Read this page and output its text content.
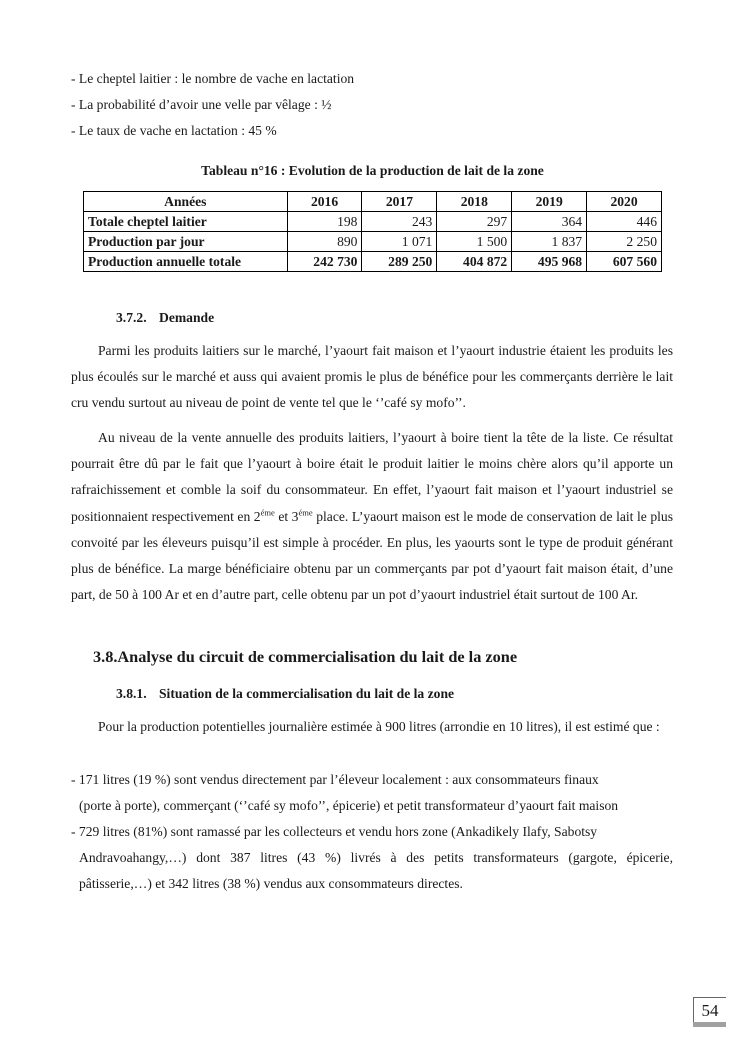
- Le cheptel laitier : le nombre de vache en lactation
- La probabilité d’avoir une velle par vêlage : ½
- Le taux de vache en lactation : 45 %
Tableau n°16 : Evolution de la production de lait de la zone
Années	2016	2017	2018	2019	2020
Totale cheptel laitier	198	243	297	364	446
Production par jour	890	1 071	1 500	1 837	2 250
Production annuelle totale	242 730	289 250	404 872	495 968	607 560
3.7.2. Demande
Parmi les produits laitiers sur le marché, l’yaourt fait maison et l’yaourt industrie étaient les produits les plus écoulés sur le marché et auss qui avaient promis le plus de bénéfice pour les commerçants derrière le lait cru vendu surtout au niveau de point de vente tel que le ‘’café sy mofo’’.
Au niveau de la vente annuelle des produits laitiers, l’yaourt à boire tient la tête de la liste. Ce résultat pourrait être dû par le fait que l’yaourt à boire était le produit laitier le moins chère alors qu’il apporte un rafraichissement et comble la soif du consommateur. En effet, l’yaourt fait maison et l’yaourt industriel se positionnaient respectivement en $2^{éme}$ et $3^{éme}$ place. L’yaourt maison est le mode de conservation de lait le plus convoité par les éleveurs puisqu’il est simple à procéder. En plus, les yaourts sont le type de produit générant plus de bénéfice. La marge bénéficiaire obtenu par un commerçants par pot d’yaourt fait maison était, d’une part, de 50 à 100 Ar et en d’autre part, celle obtenu par un pot d’yaourt industriel était surtout de 100 Ar.
3.8.Analyse du circuit de commercialisation du lait de la zone
3.8.1. Situation de la commercialisation du lait de la zone
Pour la production potentielles journalière estimée à 900 litres (arrondie en 10 litres), il est estimé que :
- 171 litres (19 %) sont vendus directement par l’éleveur localement : aux consommateurs finaux
(porte à porte), commerçant (‘’café sy mofo’’, épicerie) et petit transformateur d’yaourt fait maison
- 729 litres (81%) sont ramassé par les collecteurs et vendu hors zone (Ankadikely Ilafy, Sabotsy
Andravoahangy,…) dont 387 litres (43 %) livrés à des petits transformateurs (gargote, épicerie, pâtisserie,…) et 342 litres (38 %) vendus aux consommateurs directes.
54
